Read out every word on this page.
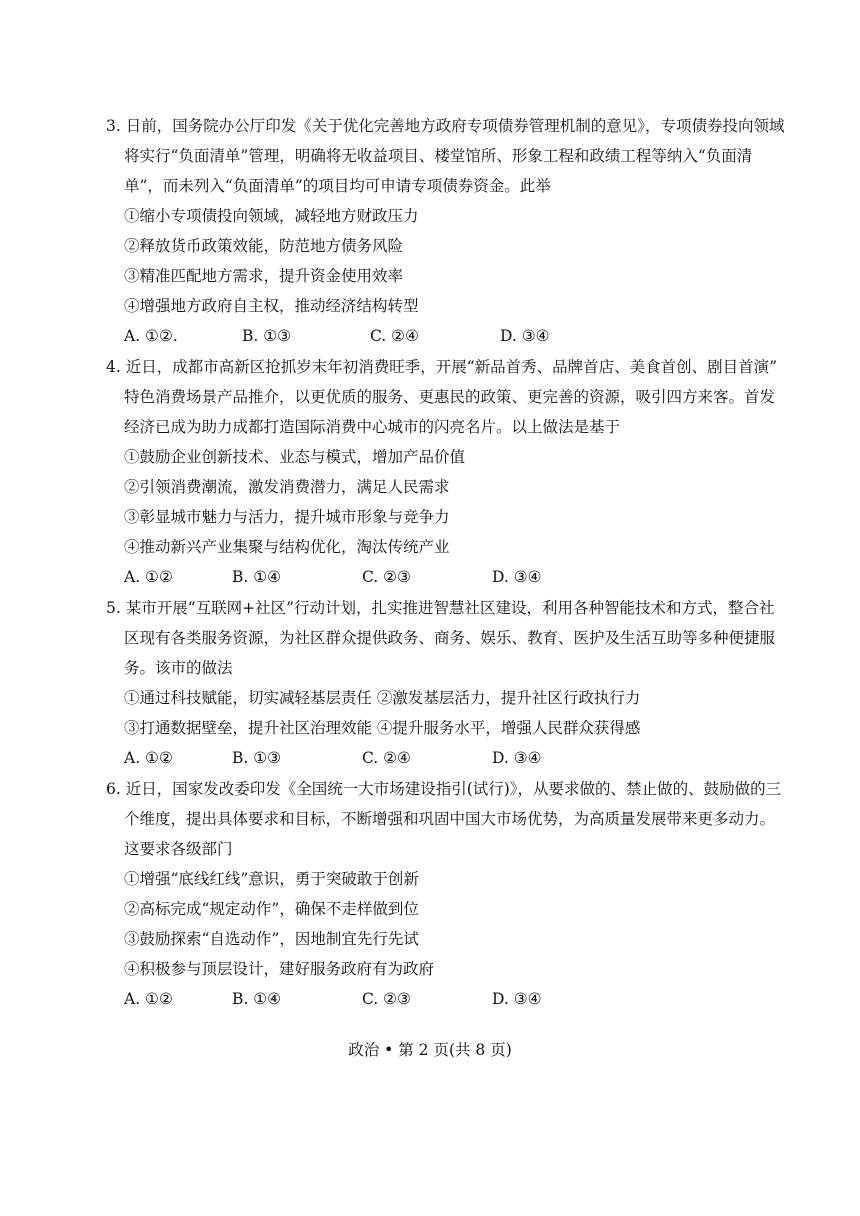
3. 日前，国务院办公厅印发《关于优化完善地方政府专项债券管理机制的意见》，专项债券投向领域
将实行“负面清单”管理，明确将无收益项目、楼堂馆所、形象工程和政绩工程等纳入“负面清
单”，而未列入“负面清单”的项目均可申请专项债券资金。此举
①缩小专项债投向领域，减轻地方财政压力
②释放货币政策效能，防范地方债务风险
③精准匹配地方需求，提升资金使用效率
④增强地方政府自主权，推动经济结构转型
A. ①②.	B. ①③	C. ②④	D. ③④
4. 近日，成都市高新区抢抓岁末年初消费旺季，开展“新品首秀、品牌首店、美食首创、剧目首演”
特色消费场景产品推介，以更优质的服务、更惠民的政策、更完善的资源，吸引四方来客。首发
经济已成为助力成都打造国际消费中心城市的闪亮名片。以上做法是基于
①鼓励企业创新技术、业态与模式，增加产品价值
②引领消费潮流，激发消费潜力，满足人民需求
③彰显城市魅力与活力，提升城市形象与竞争力
④推动新兴产业集聚与结构优化，淘汰传统产业
A. ①②	B. ①④	C. ②③	D. ③④
5. 某市开展“互联网+社区”行动计划，扎实推进智慧社区建设，利用各种智能技术和方式，整合社
区现有各类服务资源，为社区群众提供政务、商务、娱乐、教育、医护及生活互助等多种便捷服
务。该市的做法
①通过科技赋能，切实减轻基层责任 ②激发基层活力，提升社区行政执行力
③打通数据壁垒，提升社区治理效能 ④提升服务水平，增强人民群众获得感
A. ①②	B. ①③	C. ②④	D. ③④
6. 近日，国家发改委印发《全国统一大市场建设指引(试行)》，从要求做的、禁止做的、鼓励做的三
个维度，提出具体要求和目标，不断增强和巩固中国大市场优势，为高质量发展带来更多动力。
这要求各级部门
①增强“底线红线”意识，勇于突破敢于创新
②高标完成“规定动作”，确保不走样做到位
③鼓励探索“自选动作”，因地制宜先行先试
④积极参与顶层设计，建好服务政府有为政府
A. ①②	B. ①④	C. ②③	D. ③④
政治 • 第 2 页(共 8 页)
